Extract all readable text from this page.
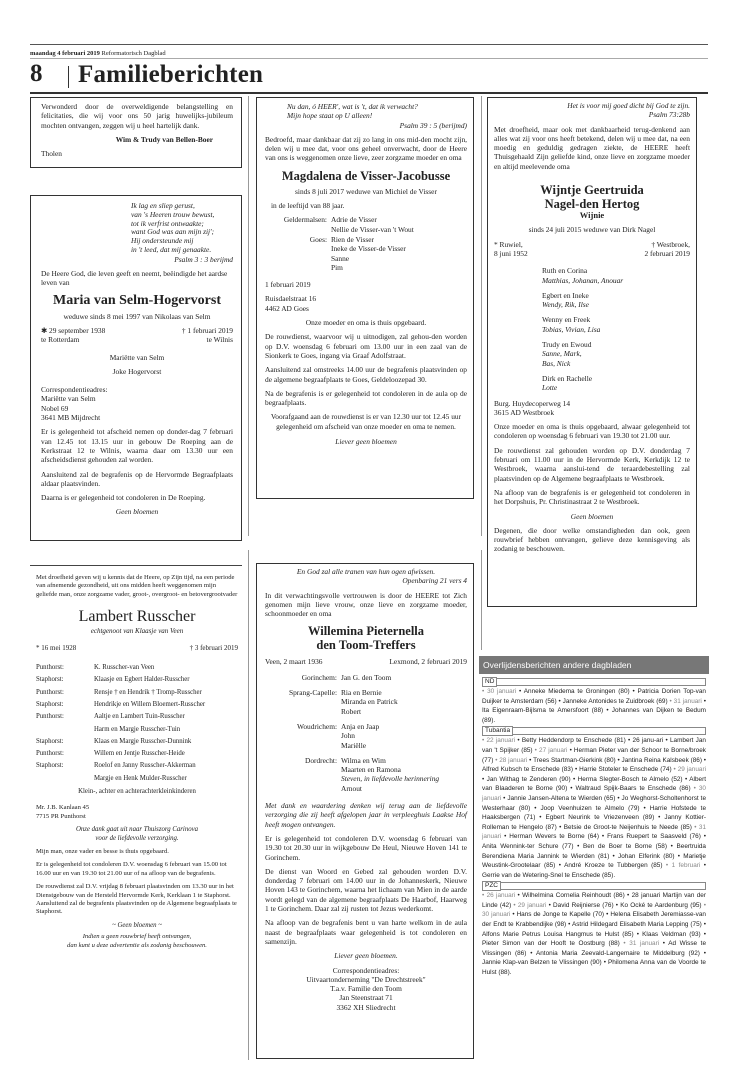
maandag 4 februari 2019 Reformatorisch Dagblad
8 Familieberichten

Verwonderd door de overweldigende belangstelling en felicitaties, die wij voor ons 50 jarig huwelijks-jubileum mochten ontvangen, zeggen wij u heel hartelijk dank.

Wim & Trudy van Bellen-Boer

Tholen

Ik lag en sliep gerust,
van 's Heeren trouw bewust,
tot ik verfrist ontwaakte;
want God was aan mijn zij';
Hij ondersteunde mij
in 't leed, dat mij genaakte.

Psalm 3 : 3 berijmd

De Heere God, die leven geeft en neemt, beëindigde het aardse leven van

Maria van Selm-Hogervorst

weduwe sinds 8 mei 1997 van Nikolaas van Selm

✱ 29 september 1938	† 1 februari 2019
te Rotterdam	te Wilnis

Mariëtte van Selm

Joke Hogervorst

Correspondentieadres:
Mariëtte van Selm
Nobel 69
3641 MB Mijdrecht

Er is gelegenheid tot afscheid nemen op donder-dag 7 februari van 12.45 tot 13.15 uur in gebouw De Roeping aan de Kerkstraat 12 te Wilnis, waarna daar om 13.30 uur een afscheidsdienst gehouden zal worden.

Aansluitend zal de begrafenis op de Hervormde Begraafplaats aldaar plaatsvinden.

Daarna is er gelegenheid tot condoleren in De Roeping.

Geen bloemen

Met droefheid geven wij u kennis dat de Heere, op Zijn tijd, na een periode van afnemende gezondheid, uit ons midden heeft weggenomen mijn geliefde man, onze zorgzame vader, groot-, overgroot- en betovergrootvader

Lambert Russcher

echtgenoot van Klaasje van Veen

* 16 mei 1928	† 3 februari 2019
Punthorst:	K. Russcher-van Veen
Staphorst:	Klaasje en Egbert Halder-Russcher
Punthorst:	Rensje † en Hendrik † Tromp-Russcher
Staphorst:	Hendrikje en Willem Bloemert-Russcher
Punthorst:	Aaltje en Lambert Tuin-Russcher
Harm en Margje Russcher-Tuin
Staphorst:	Klaas en Margje Russcher-Dunnink
Punthorst:	Willem en Jentje Russcher-Heide
Staphorst:	Roelof en Janny Russcher-Akkerman
Margje en Henk Mulder-Russcher

Klein-, achter en achterachterkleinkinderen

Mr. J.B. Kanlaan 45
7715 PR Punthorst

Onze dank gaat uit naar Thuiszorg Carinova
voor de liefdevolle verzorging.

Mijn man, onze vader en besse is thuis opgebaard.

Er is gelegenheid tot condoleren D.V. woensdag 6 februari van 15.00 tot 16.00 uur en van 19.30 tot 21.00 uur of na afloop van de begrafenis.

De rouwdienst zal D.V. vrijdag 8 februari plaatsvinden om 13.30 uur in het Dienstgebouw van de Hersteld Hervormde Kerk, Kerklaan 1 te Staphorst. Aansluitend zal de begrafenis plaatsvinden op de Algemene begraafplaats te Staphorst.

~ Geen bloemen ~

Indien u geen rouwbrief heeft ontvangen,
dan kunt u deze advertentie als zodanig beschouwen.

Nu dan, ó HEER', wat is 't, dat ik verwacht?
Mijn hope staat op U alleen!

Psalm 39 : 5 (berijmd)

Bedroefd, maar dankbaar dat zij zo lang in ons mid-den mocht zijn, delen wij u mee dat, voor ons geheel onverwacht, door de Heere van ons is weggenomen onze lieve, zeer zorgzame moeder en oma

Magdalena de Visser-Jacobusse

sinds 8 juli 2017 weduwe van Michiel de Visser

in de leeftijd van 88 jaar.

Geldermalsen: Adrie de Visser
Nellie de Visser-van 't Wout
Goes: Rien de Visser
Ineke de Visser-de Visser
Sanne
Pim

1 februari 2019

Ruisdaelstraat 16
4462 AD Goes

Onze moeder en oma is thuis opgebaard.

De rouwdienst, waarvoor wij u uitnodigen, zal gehou-den worden op D.V. woensdag 6 februari om 13.00 uur in een zaal van de Sionkerk te Goes, ingang via Graaf Adolfstraat.

Aansluitend zal omstreeks 14.00 uur de begrafenis plaatsvinden op de algemene begraafplaats te Goes, Geldeloozepad 30.

Na de begrafenis is er gelegenheid tot condoleren in de aula op de begraafplaats.

Voorafgaand aan de rouwdienst is er van 12.30 uur tot 12.45 uur gelegenheid om afscheid van onze moeder en oma te nemen.

Liever geen bloemen

En God zal alle tranen van hun ogen afwissen.

Openbaring 21 vers 4

In dit verwachtingsvolle vertrouwen is door de HEERE tot Zich genomen mijn lieve vrouw, onze lieve en zorgzame moeder, schoonmoeder en oma

Willemina Pieternella
den Toom-Treffers
Veen, 2 maart 1936	Lexmond, 2 februari 2019
Gorinchem: Jan G. den Toom
Sprang-Capelle: Ria en Bernie
Miranda en Patrick
Robert
Woudrichem: Anja en Jaap
John
Mariëlle
Dordrecht: Wilma en Wim
Maarten en Ramona
Steven, in liefdevolle herinnering
Arnout

Met dank en waardering denken wij terug aan de liefdevolle verzorging die zij heeft afgelopen jaar in verpleeghuis Laakse Hof heeft mogen ontvangen.

Er is gelegenheid tot condoleren D.V. woensdag 6 februari van 19.30 tot 20.30 uur in wijkgebouw De Heul, Nieuwe Hoven 141 te Gorinchem.

De dienst van Woord en Gebed zal gehouden worden D.V. donderdag 7 februari om 14.00 uur in de Johanneskerk, Nieuwe Hoven 143 te Gorinchem, waarna het lichaam van Mien in de aarde wordt gelegd van de algemene begraafplaats De Haarbof, Haarweg 1 te Gorinchem. Daar zal zij rusten tot Jezus wederkomt.

Na afloop van de begrafenis bent u van harte welkom in de aula naast de begraafplaats waar gelegenheid is tot condoleren en samenzijn.

Liever geen bloemen.

Correspondentieadres:
Uitvaartonderneming "De Drechtstreek"
T.a.v. Familie den Toom
Jan Steenstraat 71
3362 XH Sliedrecht

Het is voor mij goed dicht bij God te zijn.

Psalm 73:28b

Met droefheid, maar ook met dankbaarheid terug-denkend aan alles wat zij voor ons heeft betekend, delen wij u mee dat, na een moedig en geduldig gedragen ziekte, de HEERE heeft Thuisgehaald Zijn geliefde kind, onze lieve en zorgzame moeder en altijd meelevende oma

Wijntje Geertruida
Nagel-den Hertog

Wijnie

sinds 24 juli 2015 weduwe van Dirk Nagel

* Ruwiel,	† Westbroek,
8 juni 1952	2 februari 2019
Ruth en Corina
Matthias, Johanan, Anouar
Egbert en Ineke
Wendy, Rik, Ilse
Wenny en Freek
Tobias, Vivian, Lisa
Trudy en Ewoud
Sanne, Mark,
Bas, Nick
Dirk en Rachelle
Lotte

Burg. Huydecoperweg 14
3615 AD Westbroek

Onze moeder en oma is thuis opgebaard, alwaar gelegenheid tot condoleren op woensdag 6 februari van 19.30 tot 21.00 uur.

De rouwdienst zal gehouden worden op D.V. donderdag 7 februari om 11.00 uur in de Hervormde Kerk, Kerkdijk 12 te Westbroek, waarna aanslui-tend de teraardebestelling zal plaatsvinden op de Algemene begraafplaats te Westbroek.

Na afloop van de begrafenis is er gelegenheid tot condoleren in het Dorpshuis, Pr. Christinastraat 2 te Westbroek.

Geen bloemen

Degenen, die door welke omstandigheden dan ook, geen rouwbrief hebben ontvangen, gelieve deze kennisgeving als zodanig te beschouwen.

Overlijdensberichten andere dagbladen
ND
• 30 januari • Anneke Miedema te Groningen (80) • Patricia Dorien Top-van Duijker te Amsterdam (56) • Janneke Antonides te Zuidbroek (69) • 31 januari • Ita Eigenraam-Bijlsma te Amersfoort (88) • Johannes van Dijken te Bedum (89).
Tubantia
• 22 januari • Betty Heddendorp te Enschede (81) • 26 janu-ari • Lambert Jan van 't Spijker (85) • 27 januari • Herman Pieter van der Schoor te Borne/broek (77) • 28 januari • Trees Startman-Gierkink (80) • Jantina Reina Kalsbeek (86) • Alfred Kubsch te Enschede (83) • Harrie Stoteler te Enschede (74) • 29 januari • Jan Withag te Zenderen (90) • Herma Slegter-Bosch te Almelo (52) • Albert van Blaaderen te Borne (90) • Waltraud Spijk-Baars te Enschede (86) • 30 januari • Jannie Jansen-Altena te Wierden (65) • Jo Weghorst-Scholtenhorst te Westerhaar (80) • Joop Veenhuizen te Almelo (79) • Harrie Hofstede te Haaksbergen (71) • Egbert Neurink te Vriezenveen (89) • Janny Kottier-Rolleman te Hengelo (87) • Betsie de Groot-te Neijenhuis te Neede (85) • 31 januari • Herman Wevers te Borne (64) • Frans Ruepert te Saasveld (76) • Anita Wennink-ter Schure (77) • Ben de Boer te Borne (58) • Beertruida Berendiena Maria Jannink te Wierden (81) • Johan Elferink (80) • Marietje Weustink-Grootelaar (85) • André Kroeze te Tubbergen (85) • 1 februari • Gerrie van de Wetering-Snel te Enschede (85).
PZC
• 26 januari • Wilhelmina Cornelia Reinhoudt (86) • 28 januari Martijn van der Linde (42) • 29 januari • David Reijnierse (76) • Ko Ocké te Aardenburg (95) • 30 januari • Hans de Jonge te Kapelle (70) • Helena Elisabeth Jeremiasse-van der Endt te Krabbendijke (98) • Astrid Hildegard Elisabeth Maria Lepping (75) • Alfons Marie Petrus Louisa Hangmus te Hulst (85) • Klaas Veldman (93) • Pieter Simon van der Hooft te Oostburg (88) • 31 januari • Ad Wisse te Vlissingen (86) • Antonia Maria Zeevald-Langemaire te Middelburg (92) • Jannie Klap-van Belzen te Vlissingen (90) • Philomena Anna van de Voorde te Hulst (88).
